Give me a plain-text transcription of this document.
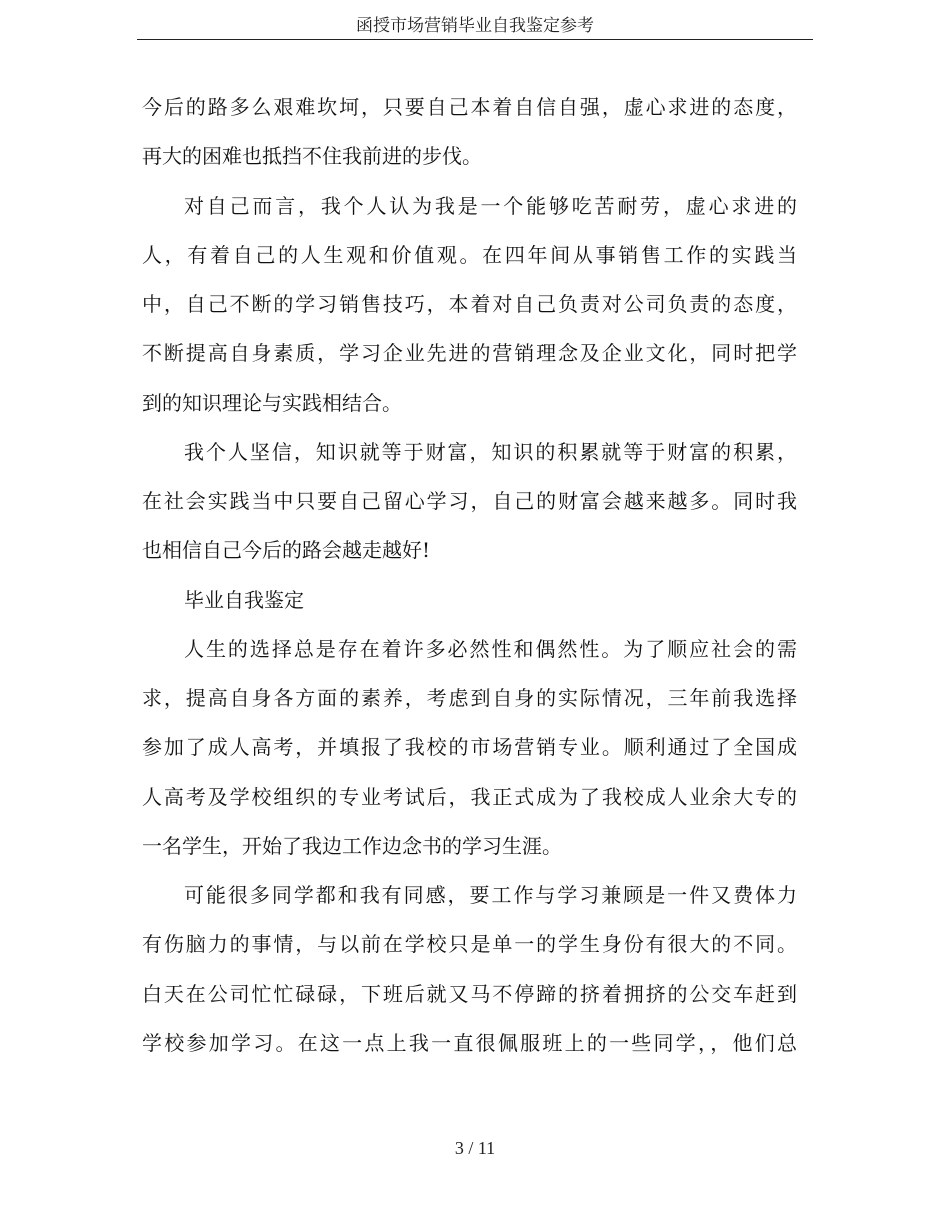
函授市场营销毕业自我鉴定参考
今后的路多么艰难坎坷，只要自己本着自信自强，虚心求进的态度，
再大的困难也抵挡不住我前进的步伐。
对自己而言，我个人认为我是一个能够吃苦耐劳，虚心求进的
人，有着自己的人生观和价值观。在四年间从事销售工作的实践当
中，自己不断的学习销售技巧，本着对自己负责对公司负责的态度，
不断提高自身素质，学习企业先进的营销理念及企业文化，同时把学
到的知识理论与实践相结合。
我个人坚信，知识就等于财富，知识的积累就等于财富的积累，
在社会实践当中只要自己留心学习，自己的财富会越来越多。同时我
也相信自己今后的路会越走越好!
毕业自我鉴定
人生的选择总是存在着许多必然性和偶然性。为了顺应社会的需
求，提高自身各方面的素养，考虑到自身的实际情况，三年前我选择
参加了成人高考，并填报了我校的市场营销专业。顺利通过了全国成
人高考及学校组织的专业考试后，我正式成为了我校成人业余大专的
一名学生，开始了我边工作边念书的学习生涯。
可能很多同学都和我有同感，要工作与学习兼顾是一件又费体力
有伤脑力的事情，与以前在学校只是单一的学生身份有很大的不同。
白天在公司忙忙碌碌，下班后就又马不停蹄的挤着拥挤的公交车赶到
学校参加学习。在这一点上我一直很佩服班上的一些同学，，他们总
3 / 11
